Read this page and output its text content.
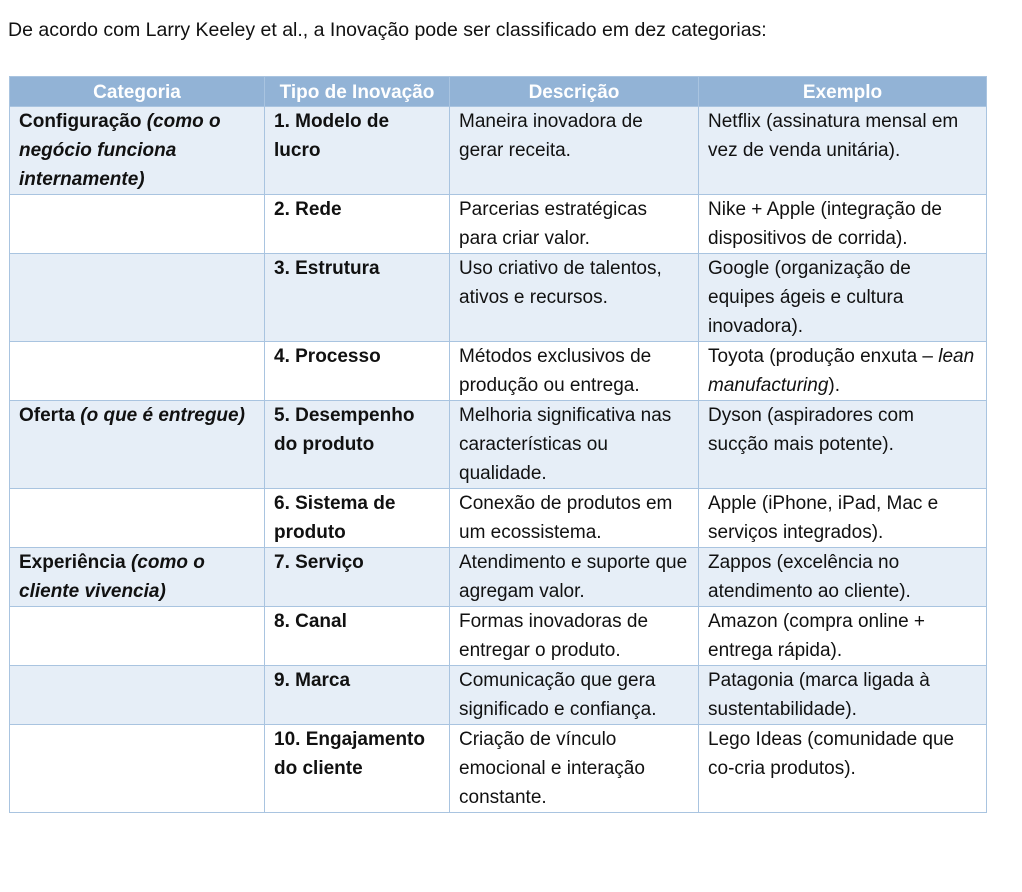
De acordo com Larry Keeley et al., a Inovação pode ser classificado em dez categorias:
Categoria	Tipo de Inovação	Descrição	Exemplo
Configuração (como o negócio funciona internamente)	1. Modelo de lucro	Maneira inovadora de gerar receita.	Netflix (assinatura mensal em vez de venda unitária).
	2. Rede	Parcerias estratégicas para criar valor.	Nike + Apple (integração de dispositivos de corrida).
	3. Estrutura	Uso criativo de talentos, ativos e recursos.	Google (organização de equipes ágeis e cultura inovadora).
	4. Processo	Métodos exclusivos de produção ou entrega.	Toyota (produção enxuta – lean manufacturing).
Oferta (o que é entregue)	5. Desempenho do produto	Melhoria significativa nas características ou qualidade.	Dyson (aspiradores com sucção mais potente).
	6. Sistema de produto	Conexão de produtos em um ecossistema.	Apple (iPhone, iPad, Mac e serviços integrados).
Experiência (como o cliente vivencia)	7. Serviço	Atendimento e suporte que agregam valor.	Zappos (excelência no atendimento ao cliente).
	8. Canal	Formas inovadoras de entregar o produto.	Amazon (compra online + entrega rápida).
	9. Marca	Comunicação que gera significado e confiança.	Patagonia (marca ligada à sustentabilidade).
	10. Engajamento do cliente	Criação de vínculo emocional e interação constante.	Lego Ideas (comunidade que co-cria produtos).
